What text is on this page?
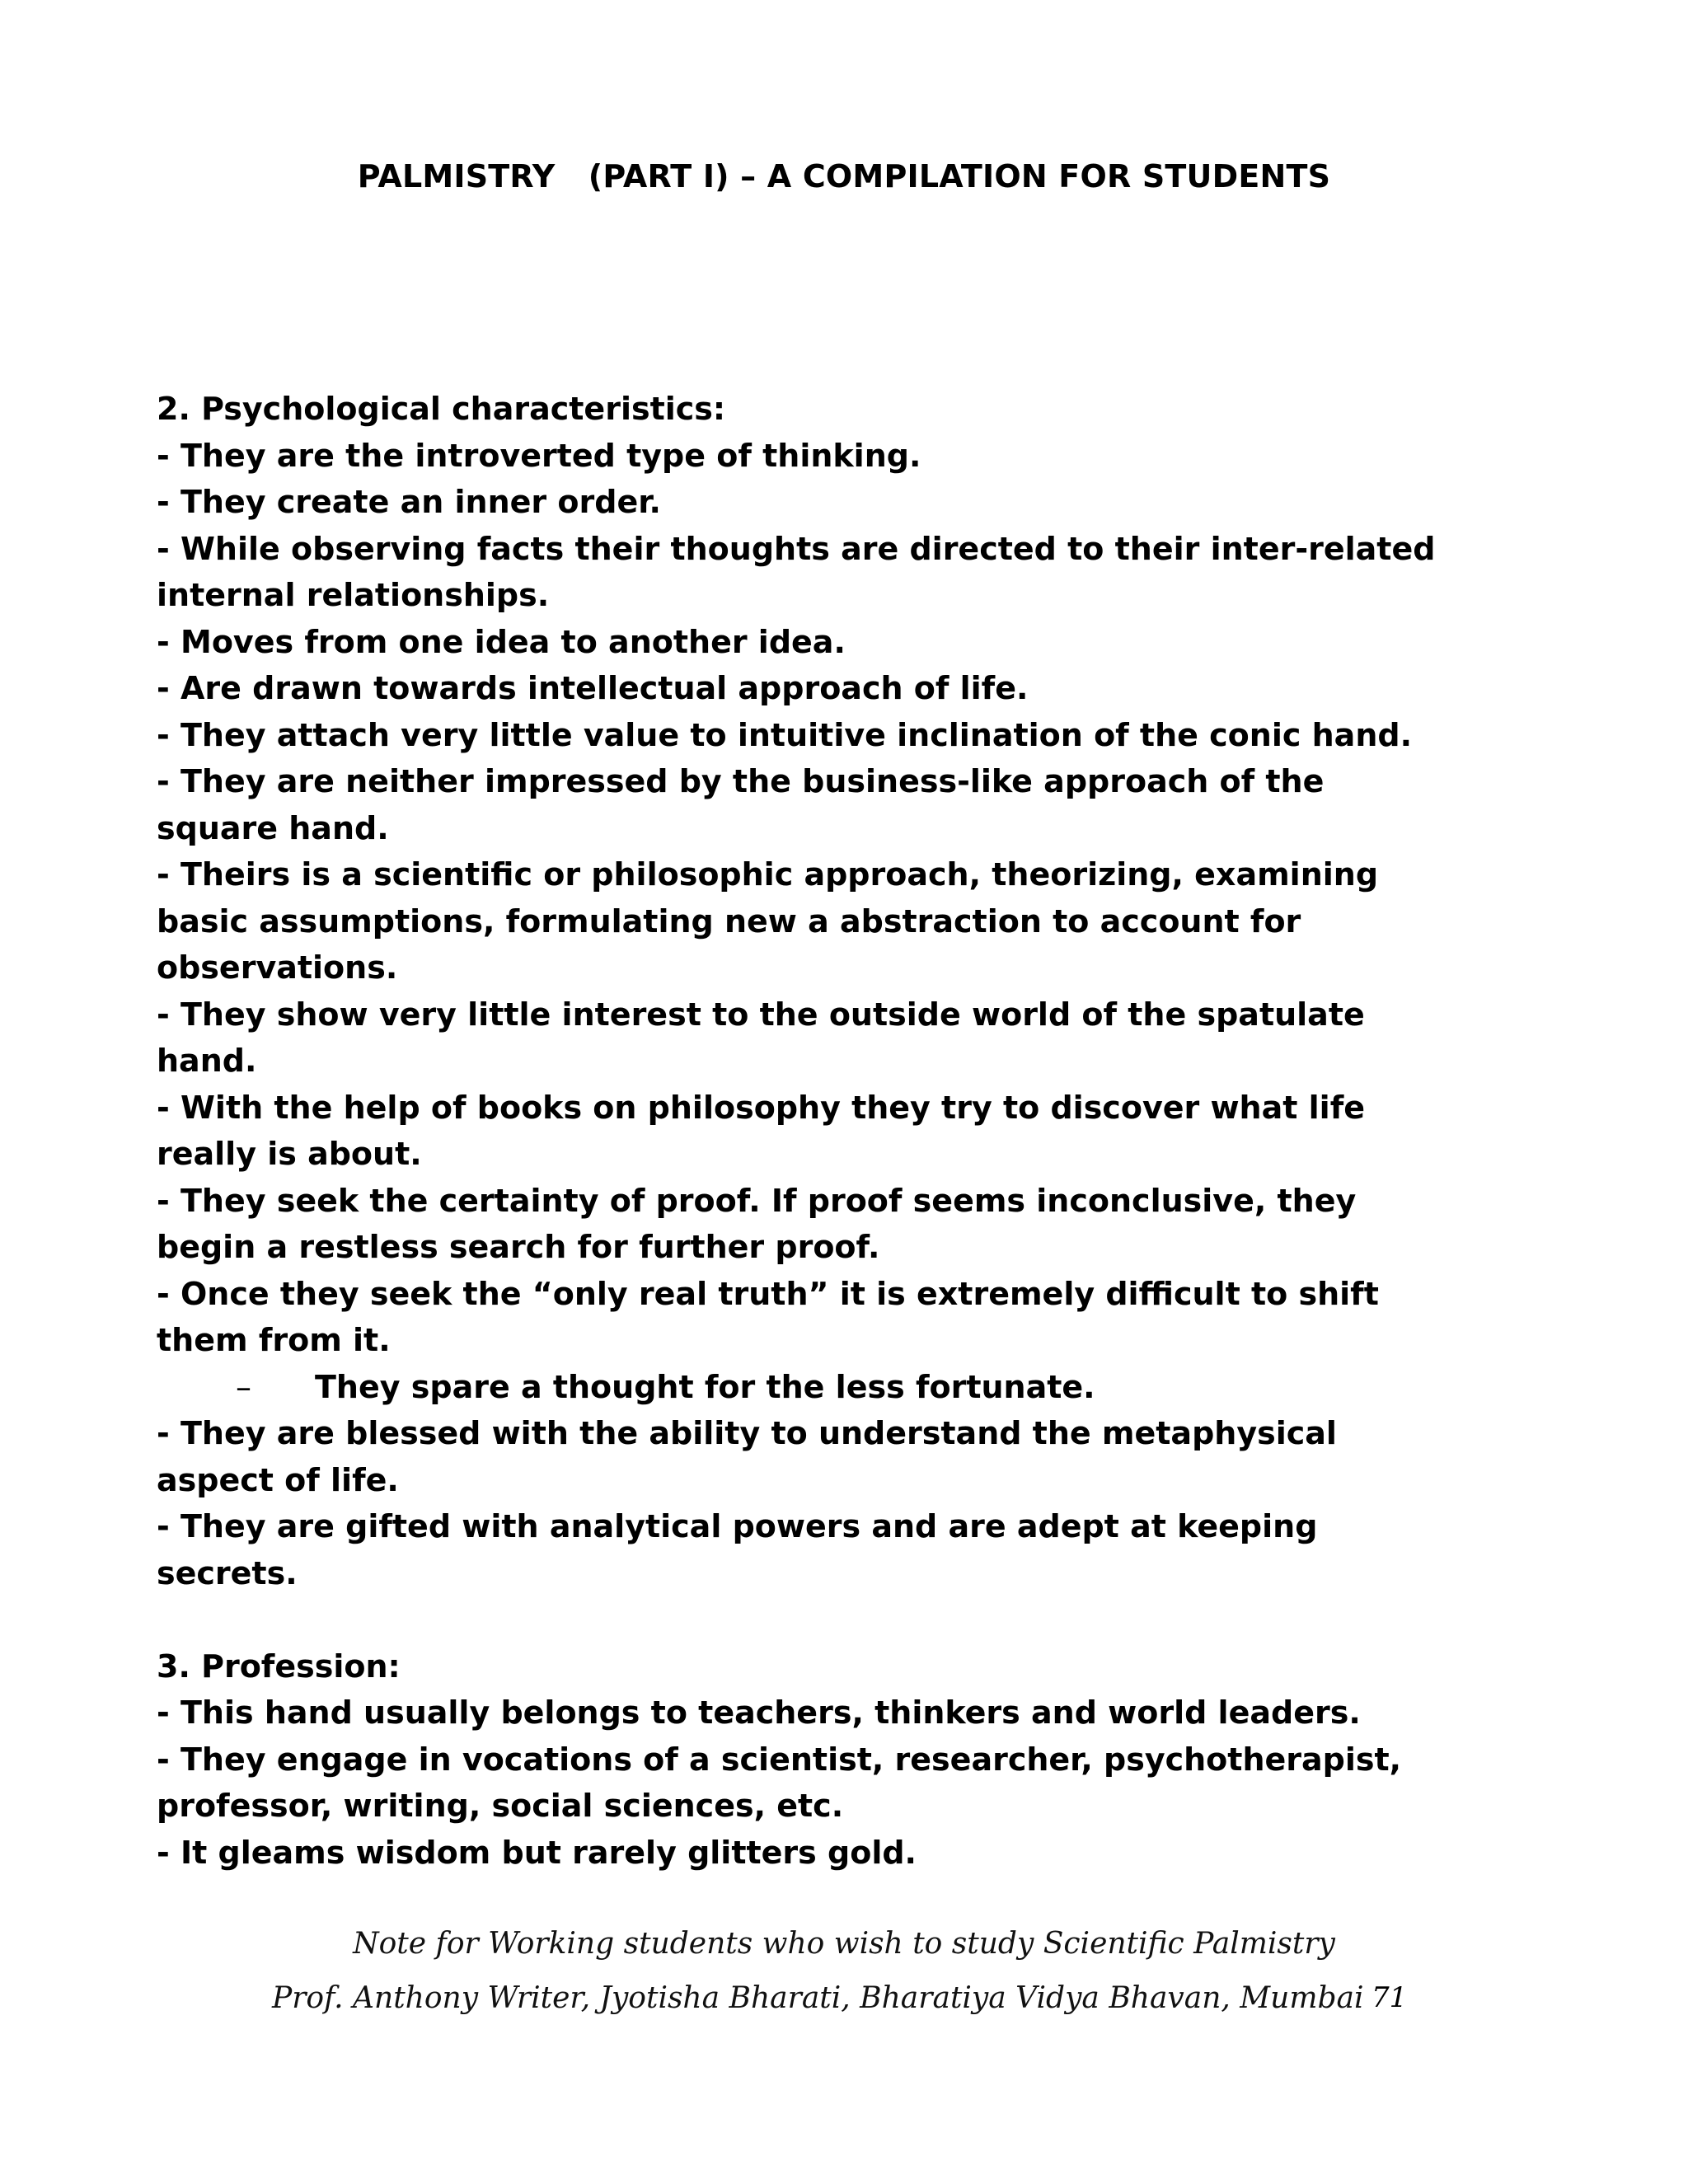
PALMISTRY   (PART I) – A COMPILATION FOR STUDENTS
2. Psychological characteristics:
- They are the introverted type of thinking.
- They create an inner order.
- While observing facts their thoughts are directed to their inter-related
internal relationships.
- Moves from one idea to another idea.
- Are drawn towards intellectual approach of life.
- They attach very little value to intuitive inclination of the conic hand.
- They are neither impressed by the business-like approach of the
square hand.
- Theirs is a scientific or philosophic approach, theorizing, examining
basic assumptions, formulating new a abstraction to account for
observations.
- They show very little interest to the outside world of the spatulate
hand.
- With the help of books on philosophy they try to discover what life
really is about.
- They seek the certainty of proof. If proof seems inconclusive, they
begin a restless search for further proof.
- Once they seek the “only real truth” it is extremely difficult to shift
them from it.
– They spare a thought for the less fortunate.
- They are blessed with the ability to understand the metaphysical
aspect of life.
- They are gifted with analytical powers and are adept at keeping
secrets.
3. Profession:
- This hand usually belongs to teachers, thinkers and world leaders.
- They engage in vocations of a scientist, researcher, psychotherapist,
professor, writing, social sciences, etc.
- It gleams wisdom but rarely glitters gold.
Note for Working students who wish to study Scientific Palmistry
Prof. Anthony Writer, Jyotisha Bharati, Bharatiya Vidya Bhavan, Mumbai 71
